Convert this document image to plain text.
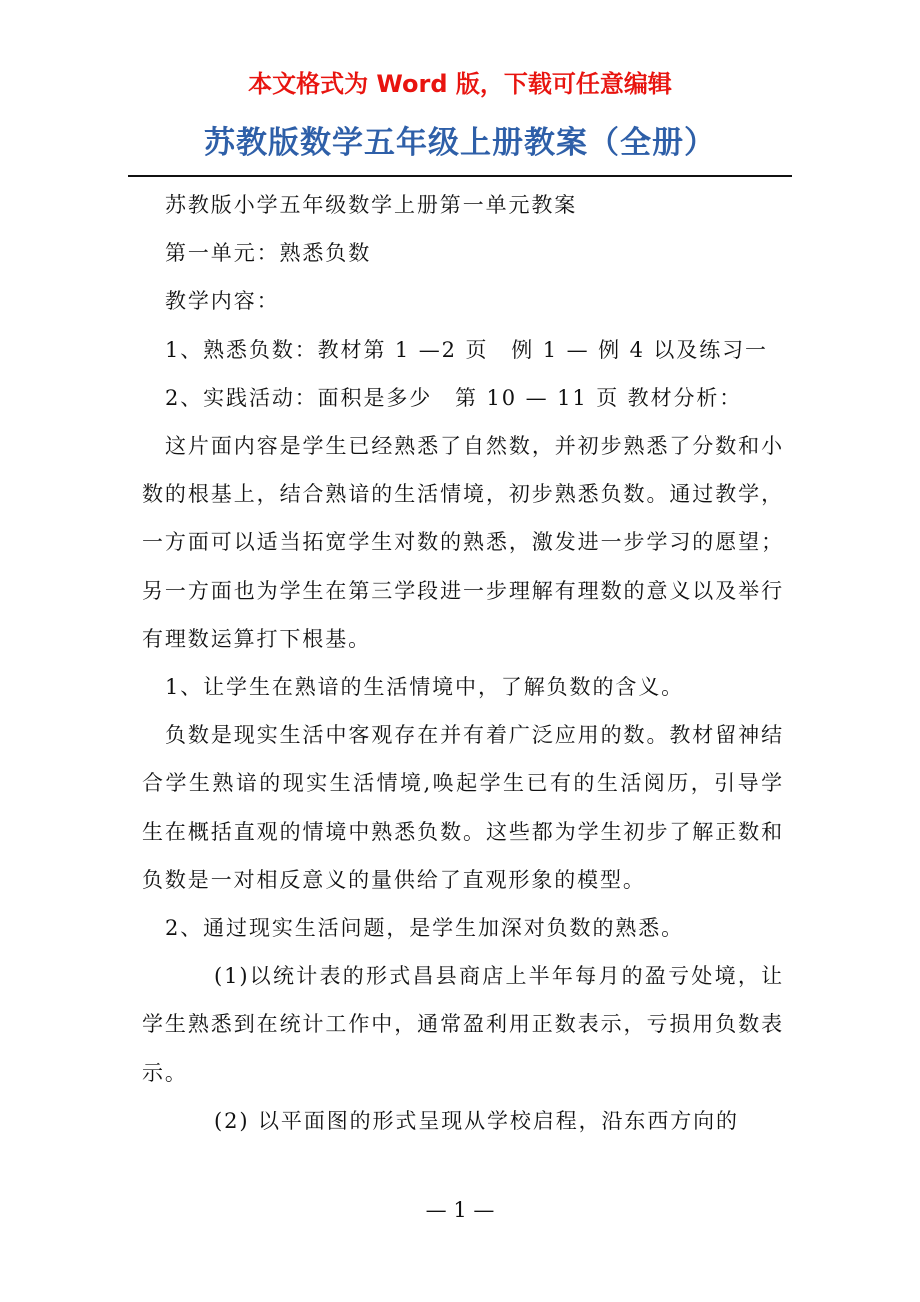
本文格式为 Word 版，下载可任意编辑
苏教版数学五年级上册教案（全册）

苏教版小学五年级数学上册第一单元教案

第一单元：熟悉负数

教学内容：

1、熟悉负数：教材第 1 —2 页　例 1 — 例 4 以及练习一

2、实践活动：面积是多少　第 10 — 11 页 教材分析：

这片面内容是学生已经熟悉了自然数，并初步熟悉了分数和小数的根基上，结合熟谙的生活情境，初步熟悉负数。通过教学，一方面可以适当拓宽学生对数的熟悉，激发进一步学习的愿望；另一方面也为学生在第三学段进一步理解有理数的意义以及举行有理数运算打下根基。

1、让学生在熟谙的生活情境中，了解负数的含义。

负数是现实生活中客观存在并有着广泛应用的数。教材留神结合学生熟谙的现实生活情境,唤起学生已有的生活阅历，引导学生在概括直观的情境中熟悉负数。这些都为学生初步了解正数和负数是一对相反意义的量供给了直观形象的模型。

2、通过现实生活问题，是学生加深对负数的熟悉。

(1)以统计表的形式昌县商店上半年每月的盈亏处境，让学生熟悉到在统计工作中，通常盈利用正数表示，亏损用负数表示。

(2) 以平面图的形式呈现从学校启程，沿东西方向的

— 1 —
